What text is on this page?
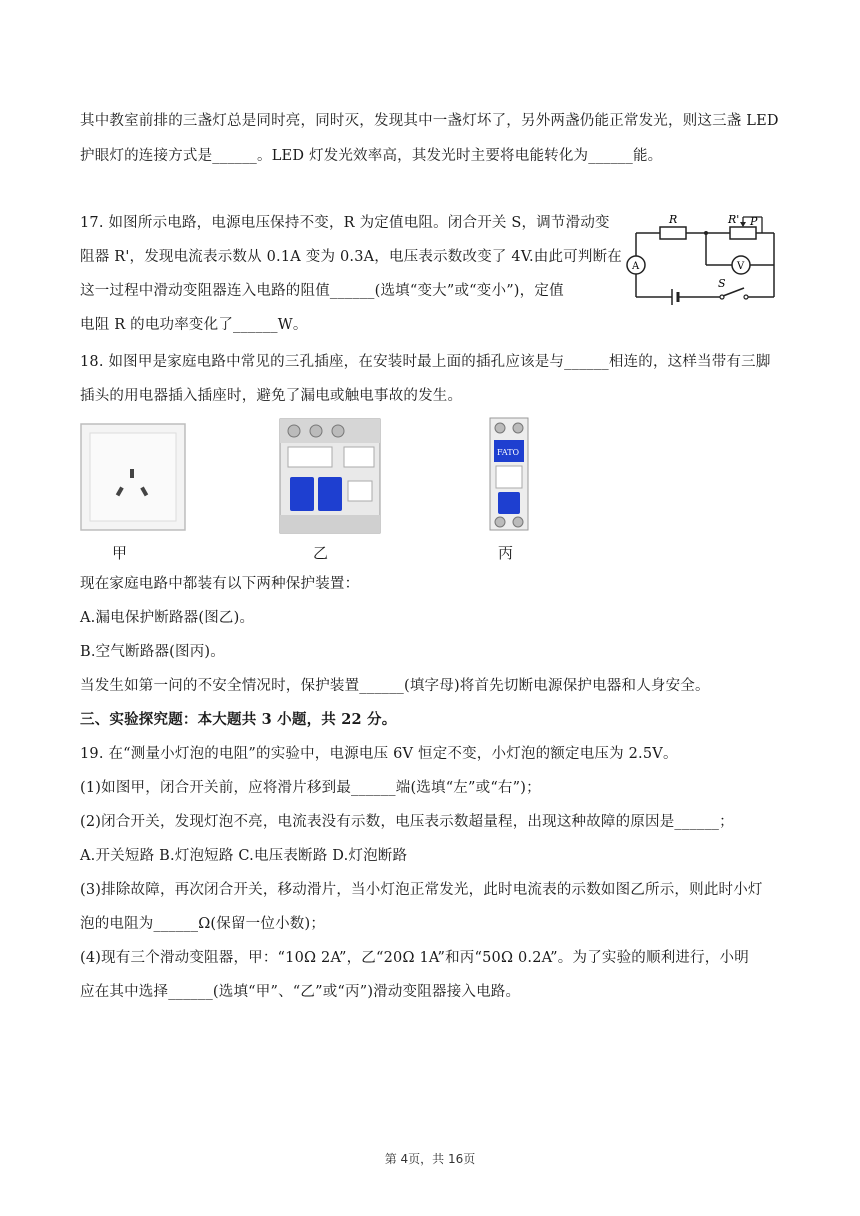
其中教室前排的三盏灯总是同时亮，同时灭，发现其中一盏灯坏了，另外两盏仍能正常发光，则这三盏 LED
护眼灯的连接方式是______。LED 灯发光效率高，其发光时主要将电能转化为______能。
17. 如图所示电路，电源电压保持不变，R 为定值电阻。闭合开关 S，调节滑动变
阻器 R'，发现电流表示数从 0.1A 变为 0.3A，电压表示数改变了 4V.由此可判断在
这一过程中滑动变阻器连入电路的阻值______(选填“变大”或“变小”)，定值
电阻 R 的电功率变化了______W。
R	R' P
A	V
S
18. 如图甲是家庭电路中常见的三孔插座，在安装时最上面的插孔应该是与______相连的，这样当带有三脚
插头的用电器插入插座时，避免了漏电或触电事故的发生。
FATO
甲	乙	丙
现在家庭电路中都装有以下两种保护装置：
A.漏电保护断路器(图乙)。
B.空气断路器(图丙)。
当发生如第一问的不安全情况时，保护装置______(填字母)将首先切断电源保护电器和人身安全。
三、实验探究题：本大题共 3 小题，共 22 分。
19. 在“测量小灯泡的电阻”的实验中，电源电压 6V 恒定不变，小灯泡的额定电压为 2.5V。
(1)如图甲，闭合开关前，应将滑片移到最______端(选填“左”或“右”)；
(2)闭合开关，发现灯泡不亮，电流表没有示数，电压表示数超量程，出现这种故障的原因是______；
A.开关短路 B.灯泡短路 C.电压表断路 D.灯泡断路
(3)排除故障，再次闭合开关，移动滑片，当小灯泡正常发光，此时电流表的示数如图乙所示，则此时小灯
泡的电阻为______Ω(保留一位小数)；
(4)现有三个滑动变阻器，甲：“10Ω 2A”，乙“20Ω 1A”和丙“50Ω 0.2A”。为了实验的顺利进行，小明
应在其中选择______(选填“甲”、“乙”或“丙”)滑动变阻器接入电路。
第 4页，共 16页
